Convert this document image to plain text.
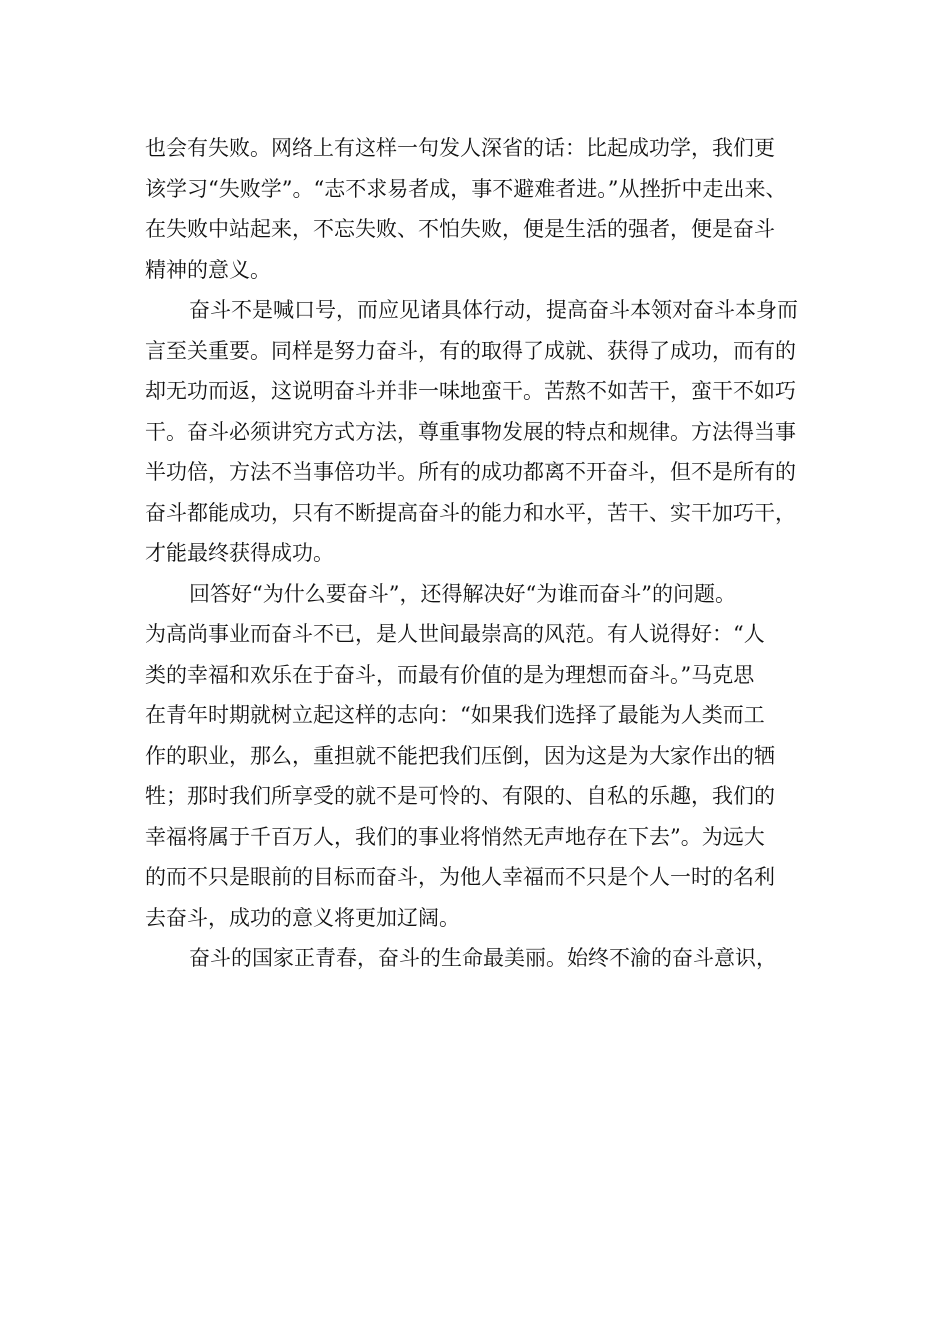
也会有失败。网络上有这样一句发人深省的话：比起成功学，我们更
该学习“失败学”。“志不求易者成，事不避难者进。”从挫折中走出来、
在失败中站起来，不忘失败、不怕失败，便是生活的强者，便是奋斗
精神的意义。
奋斗不是喊口号，而应见诸具体行动，提高奋斗本领对奋斗本身而
言至关重要。同样是努力奋斗，有的取得了成就、获得了成功，而有的
却无功而返，这说明奋斗并非一味地蛮干。苦熬不如苦干，蛮干不如巧
干。奋斗必须讲究方式方法，尊重事物发展的特点和规律。方法得当事
半功倍，方法不当事倍功半。所有的成功都离不开奋斗，但不是所有的
奋斗都能成功，只有不断提高奋斗的能力和水平，苦干、实干加巧干，
才能最终获得成功。
回答好“为什么要奋斗”，还得解决好“为谁而奋斗”的问题。
为高尚事业而奋斗不已，是人世间最崇高的风范。有人说得好：“人
类的幸福和欢乐在于奋斗，而最有价值的是为理想而奋斗。”马克思
在青年时期就树立起这样的志向：“如果我们选择了最能为人类而工
作的职业，那么，重担就不能把我们压倒，因为这是为大家作出的牺
牲；那时我们所享受的就不是可怜的、有限的、自私的乐趣，我们的
幸福将属于千百万人，我们的事业将悄然无声地存在下去”。为远大
的而不只是眼前的目标而奋斗，为他人幸福而不只是个人一时的名利
去奋斗，成功的意义将更加辽阔。
奋斗的国家正青春，奋斗的生命最美丽。始终不渝的奋斗意识，
